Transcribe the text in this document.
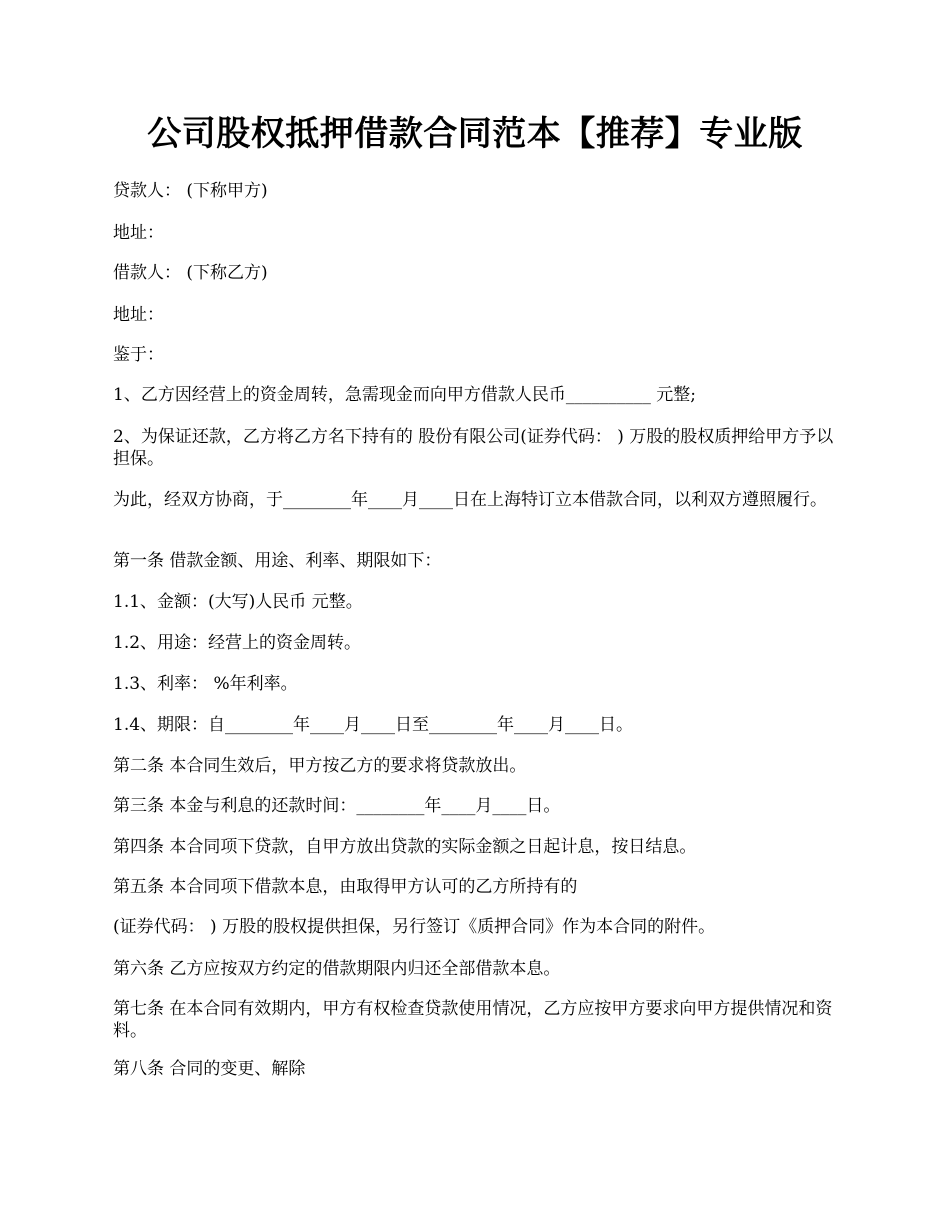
公司股权抵押借款合同范本【推荐】专业版

贷款人： (下称甲方)

地址：

借款人： (下称乙方)

地址：

鉴于：

1、乙方因经营上的资金周转，急需现金而向甲方借款人民币__________ 元整;

2、为保证还款，乙方将乙方名下持有的 股份有限公司(证券代码： ) 万股的股权质押给甲方予以担保。

为此，经双方协商，于________年____月____日在上海特订立本借款合同，以利双方遵照履行。

第一条 借款金额、用途、利率、期限如下：

1.1、金额：(大写)人民币 元整。

1.2、用途：经营上的资金周转。

1.3、利率： %年利率。

1.4、期限：自________年____月____日至________年____月____日。

第二条 本合同生效后，甲方按乙方的要求将贷款放出。

第三条 本金与利息的还款时间：________年____月____日。

第四条 本合同项下贷款，自甲方放出贷款的实际金额之日起计息，按日结息。

第五条 本合同项下借款本息，由取得甲方认可的乙方所持有的

(证券代码： ) 万股的股权提供担保，另行签订《质押合同》作为本合同的附件。

第六条 乙方应按双方约定的借款期限内归还全部借款本息。

第七条 在本合同有效期内，甲方有权检查贷款使用情况，乙方应按甲方要求向甲方提供情况和资料。

第八条 合同的变更、解除
